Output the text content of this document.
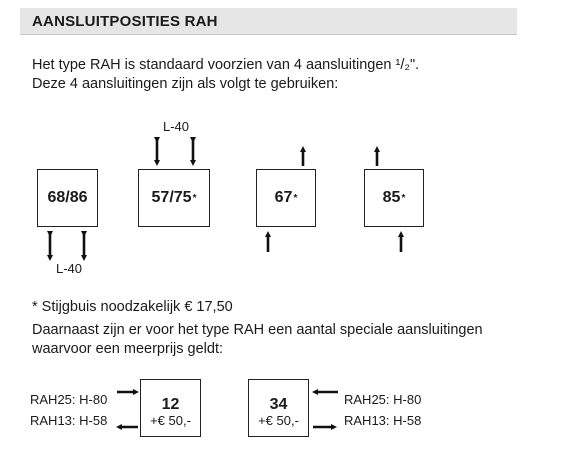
AANSLUITPOSITIES RAH
Het type RAH is standaard voorzien van 4 aansluitingen ¹/₂".
Deze 4 aansluitingen zijn als volgt te gebruiken:
68/86
L-40
57/75 *
L-40
67 *	85 *
* Stijgbuis noodzakelijk € 17,50
Daarnaast zijn er voor het type RAH een aantal speciale aansluitingen
waarvoor een meerprijs geldt:
RAH25: H-80
RAH13: H-58
12
+€ 50,-
34
+€ 50,-
RAH25: H-80
RAH13: H-58
